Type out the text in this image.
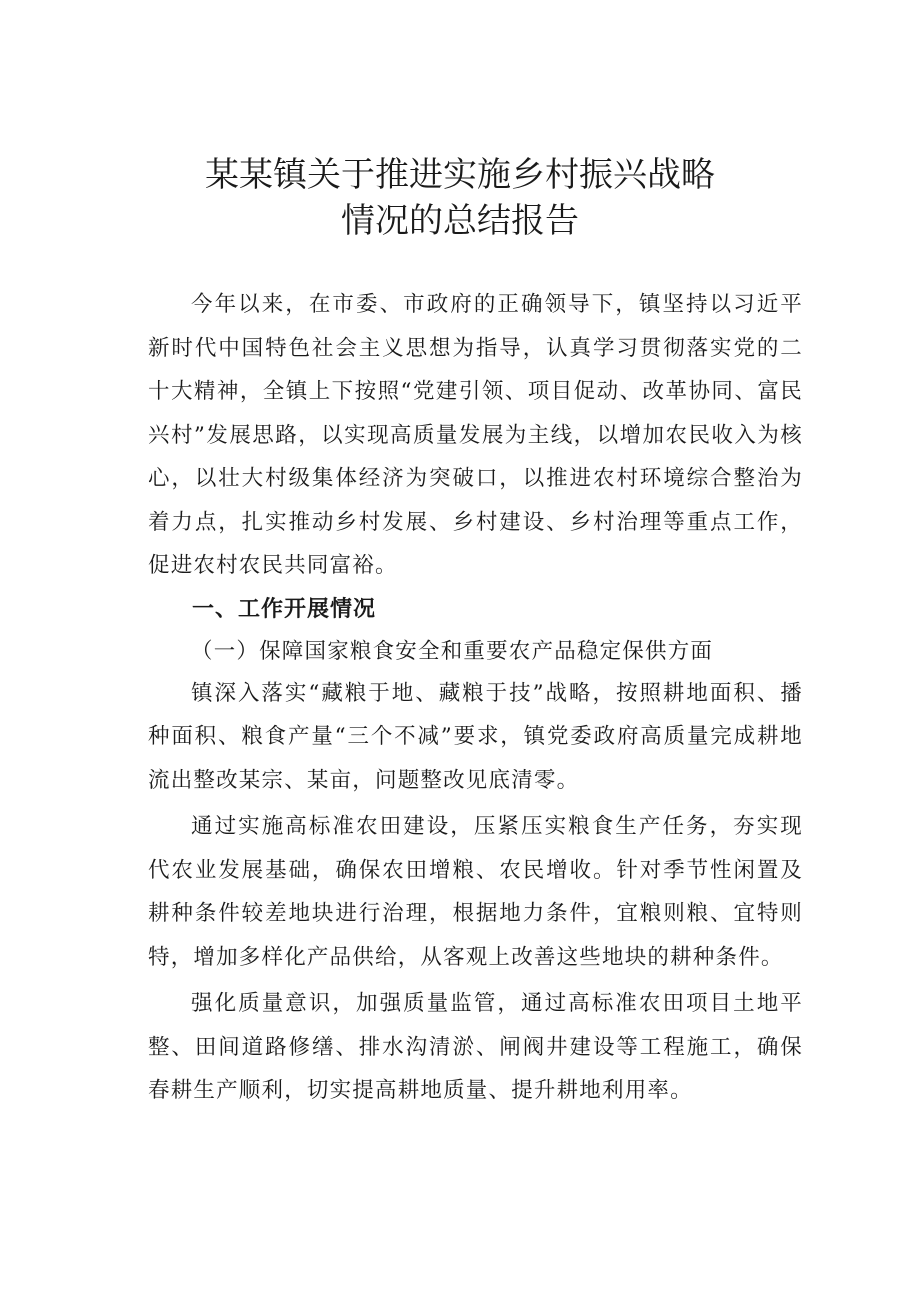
某某镇关于推进实施乡村振兴战略
情况的总结报告

今年以来，在市委、市政府的正确领导下，镇坚持以习近平新时代中国特色社会主义思想为指导，认真学习贯彻落实党的二十大精神，全镇上下按照“党建引领、项目促动、改革协同、富民兴村”发展思路，以实现高质量发展为主线，以增加农民收入为核心，以壮大村级集体经济为突破口，以推进农村环境综合整治为着力点，扎实推动乡村发展、乡村建设、乡村治理等重点工作，促进农村农民共同富裕。

一、工作开展情况
（一）保障国家粮食安全和重要农产品稳定保供方面

镇深入落实“藏粮于地、藏粮于技”战略，按照耕地面积、播种面积、粮食产量“三个不减”要求，镇党委政府高质量完成耕地流出整改某宗、某亩，问题整改见底清零。

通过实施高标准农田建设，压紧压实粮食生产任务，夯实现代农业发展基础，确保农田增粮、农民增收。针对季节性闲置及耕种条件较差地块进行治理，根据地力条件，宜粮则粮、宜特则特，增加多样化产品供给，从客观上改善这些地块的耕种条件。

强化质量意识，加强质量监管，通过高标准农田项目土地平整、田间道路修缮、排水沟清淤、闸阀井建设等工程施工，确保春耕生产顺利，切实提高耕地质量、提升耕地利用率。
